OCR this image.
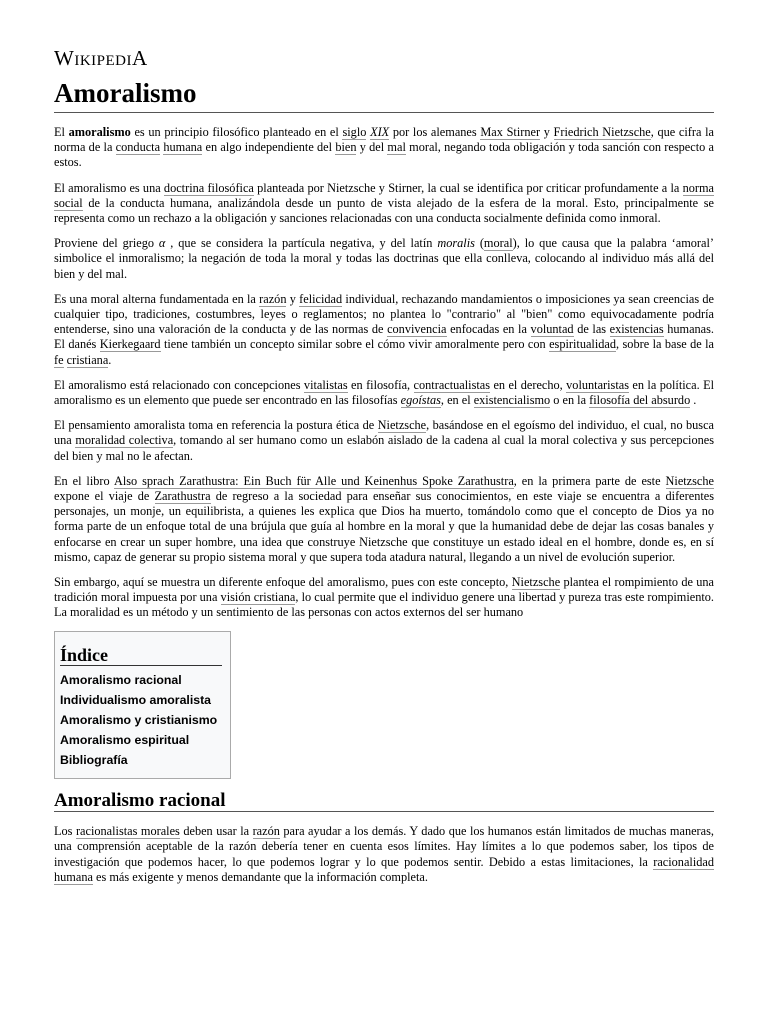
WIKIPEDIA
Amoralismo

El amoralismo es un principio filosófico planteado en el siglo XIX por los alemanes Max Stirner y Friedrich Nietzsche, que cifra la norma de la conducta humana en algo independiente del bien y del mal moral, negando toda obligación y toda sanción con respecto a estos.

El amoralismo es una doctrina filosófica planteada por Nietzsche y Stirner, la cual se identifica por criticar profundamente a la norma social de la conducta humana, analizándola desde un punto de vista alejado de la esfera de la moral. Esto, principalmente se representa como un rechazo a la obligación y sanciones relacionadas con una conducta socialmente definida como inmoral.

Proviene del griego α , que se considera la partícula negativa, y del latín moralis (moral), lo que causa que la palabra ‘amoral’ simbolice el inmoralismo; la negación de toda la moral y todas las doctrinas que ella conlleva, colocando al individuo más allá del bien y del mal.

Es una moral alterna fundamentada en la razón y felicidad individual, rechazando mandamientos o imposiciones ya sean creencias de cualquier tipo, tradiciones, costumbres, leyes o reglamentos; no plantea lo "contrario" al "bien" como equivocadamente podría entenderse, sino una valoración de la conducta y de las normas de convivencia enfocadas en la voluntad de las existencias humanas. El danés Kierkegaard tiene también un concepto similar sobre el cómo vivir amoralmente pero con espiritualidad, sobre la base de la fe cristiana.

El amoralismo está relacionado con concepciones vitalistas en filosofía, contractualistas en el derecho, voluntaristas en la política. El amoralismo es un elemento que puede ser encontrado en las filosofías egoístas, en el existencialismo o en la filosofía del absurdo .

El pensamiento amoralista toma en referencia la postura ética de Nietzsche, basándose en el egoísmo del individuo, el cual, no busca una moralidad colectiva, tomando al ser humano como un eslabón aislado de la cadena al cual la moral colectiva y sus percepciones del bien y mal no le afectan.

En el libro Also sprach Zarathustra: Ein Buch für Alle und Keinenhus Spoke Zarathustra, en la primera parte de este Nietzsche expone el viaje de Zarathustra de regreso a la sociedad para enseñar sus conocimientos, en este viaje se encuentra a diferentes personajes, un monje, un equilibrista, a quienes les explica que Dios ha muerto, tomándolo como que el concepto de Dios ya no forma parte de un enfoque total de una brújula que guía al hombre en la moral y que la humanidad debe de dejar las cosas banales y enfocarse en crear un super hombre, una idea que construye Nietzsche que constituye un estado ideal en el hombre, donde es, en sí mismo, capaz de generar su propio sistema moral y que supera toda atadura natural, llegando a un nivel de evolución superior.

Sin embargo, aquí se muestra un diferente enfoque del amoralismo, pues con este concepto, Nietzsche plantea el rompimiento de una tradición moral impuesta por una visión cristiana, lo cual permite que el individuo genere una libertad y pureza tras este rompimiento. La moralidad es un método y un sentimiento de las personas con actos externos del ser humano

Índice
Amoralismo racional
Individualismo amoralista
Amoralismo y cristianismo
Amoralismo espiritual
Bibliografía
Amoralismo racional

Los racionalistas morales deben usar la razón para ayudar a los demás. Y dado que los humanos están limitados de muchas maneras, una comprensión aceptable de la razón debería tener en cuenta esos límites. Hay límites a lo que podemos saber, los tipos de investigación que podemos hacer, lo que podemos lograr y lo que podemos sentir. Debido a estas limitaciones, la racionalidad humana es más exigente y menos demandante que la información completa.
